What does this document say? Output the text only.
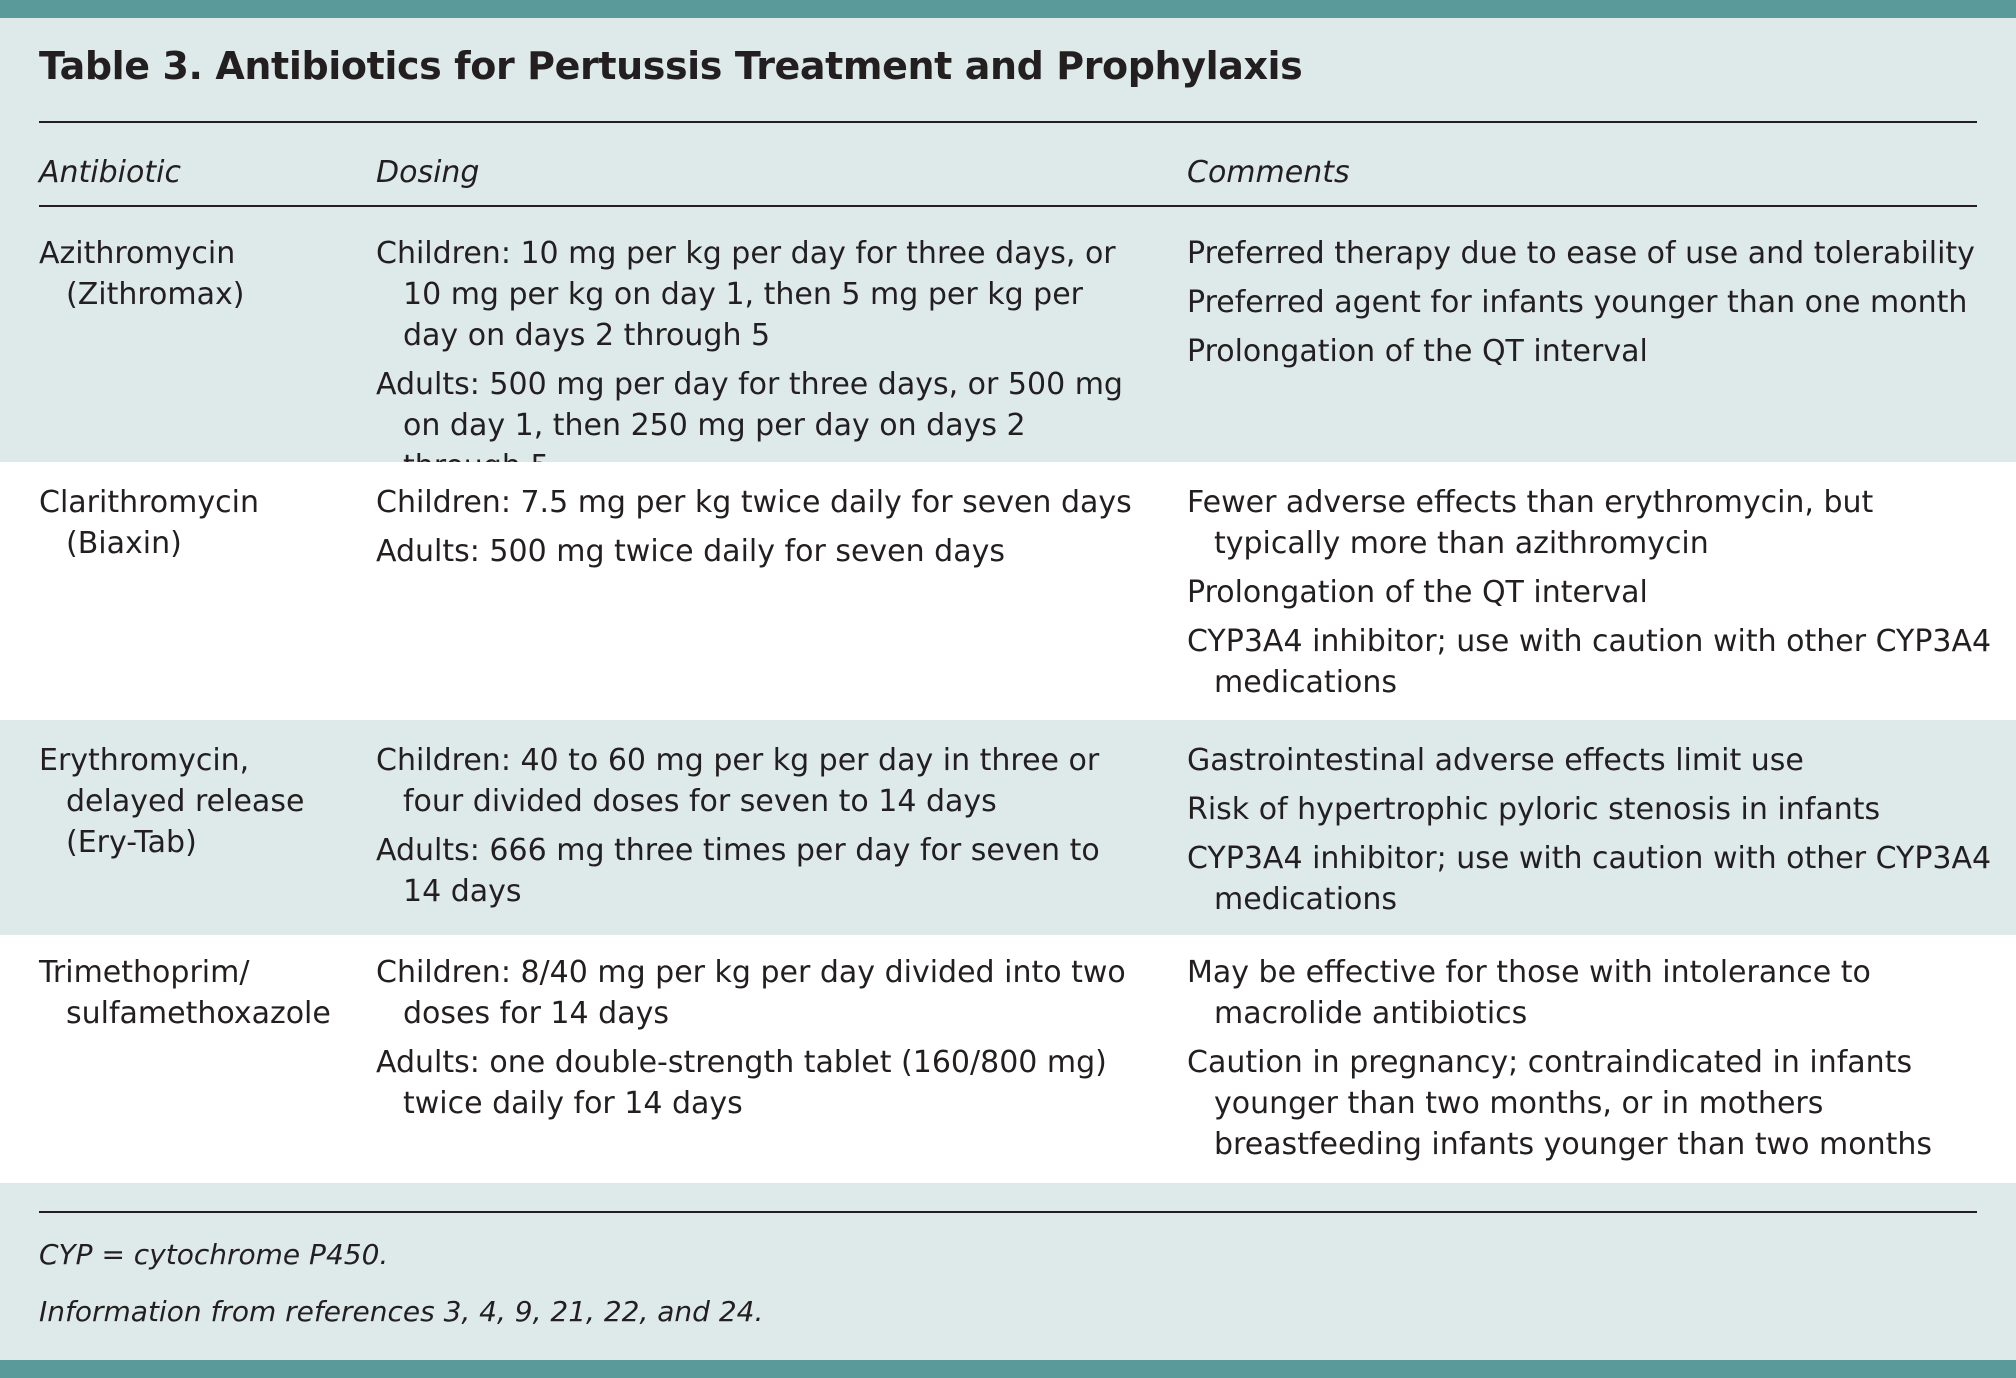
Table 3. Antibiotics for Pertussis Treatment and Prophylaxis
Antibiotic	Dosing	Comments

Azithromycin (Zithromax)

Children: 10 mg per kg per day for three days, or 10 mg per kg on day 1, then 5 mg per kg per day on days 2 through 5

Adults: 500 mg per day for three days, or 500 mg on day 1, then 250 mg per day on days 2

Preferred therapy due to ease of use and tolerability

Preferred agent for infants younger than one month

Prolongation of the QT interval

Clarithromycin (Biaxin)

Children: 7.5 mg per kg twice daily for seven days

Adults: 500 mg twice daily for seven days

Fewer adverse effects than erythromycin, but typically more than azithromycin

Prolongation of the QT interval

CYP3A4 inhibitor; use with caution with other CYP3A4 medications

Erythromycin, delayed release (Ery-Tab)

Children: 40 to 60 mg per kg per day in three or four divided doses for seven to 14 days

Adults: 666 mg three times per day for seven to 14 days

Gastrointestinal adverse effects limit use

Risk of hypertrophic pyloric stenosis in infants

CYP3A4 inhibitor; use with caution with other CYP3A4 medications

Trimethoprim/ sulfamethoxazole

Children: 8/40 mg per kg per day divided into two doses for 14 days

Adults: one double-strength tablet (160/800 mg) twice daily for 14 days

May be effective for those with intolerance to macrolide antibiotics

Caution in pregnancy; contraindicated in infants younger than two months, or in mothers breastfeeding infants younger than two months

CYP = cytochrome P450.
Information from references 3, 4, 9, 21, 22, and 24.
